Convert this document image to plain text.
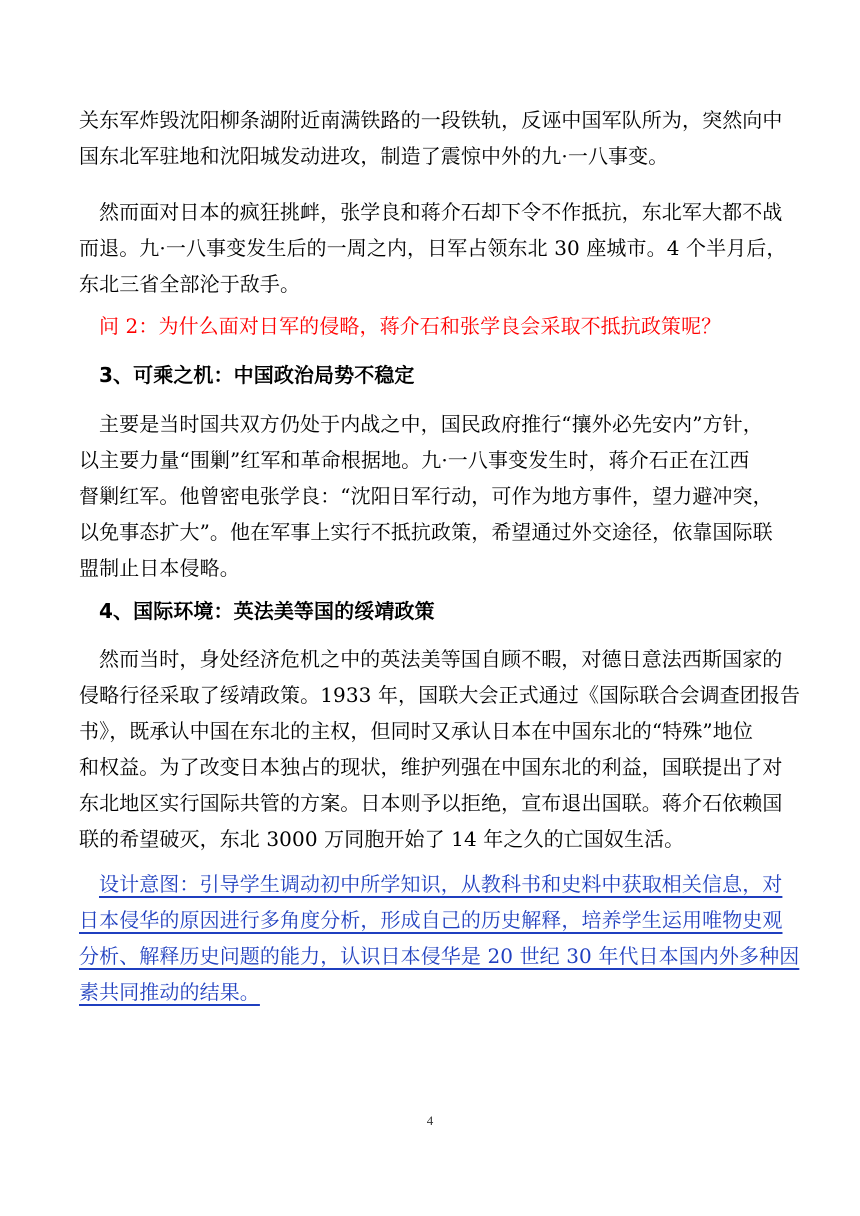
关东军炸毁沈阳柳条湖附近南满铁路的一段铁轨，反诬中国军队所为，突然向中
国东北军驻地和沈阳城发动进攻，制造了震惊中外的九·一八事变。
然而面对日本的疯狂挑衅，张学良和蒋介石却下令不作抵抗，东北军大都不战
而退。九·一八事变发生后的一周之内，日军占领东北 30 座城市。4 个半月后，
东北三省全部沦于敌手。
问 2：为什么面对日军的侵略，蒋介石和张学良会采取不抵抗政策呢？
3、可乘之机：中国政治局势不稳定
主要是当时国共双方仍处于内战之中，国民政府推行“攘外必先安内”方针，
以主要力量“围剿”红军和革命根据地。九·一八事变发生时，蒋介石正在江西
督剿红军。他曾密电张学良：“沈阳日军行动，可作为地方事件，望力避冲突，
以免事态扩大”。他在军事上实行不抵抗政策，希望通过外交途径，依靠国际联
盟制止日本侵略。
4、国际环境：英法美等国的绥靖政策
然而当时，身处经济危机之中的英法美等国自顾不暇，对德日意法西斯国家的
侵略行径采取了绥靖政策。1933 年，国联大会正式通过《国际联合会调查团报告
书》，既承认中国在东北的主权，但同时又承认日本在中国东北的“特殊”地位
和权益。为了改变日本独占的现状，维护列强在中国东北的利益，国联提出了对
东北地区实行国际共管的方案。日本则予以拒绝，宣布退出国联。蒋介石依赖国
联的希望破灭，东北 3000 万同胞开始了 14 年之久的亡国奴生活。
设计意图：引导学生调动初中所学知识，从教科书和史料中获取相关信息，对
日本侵华的原因进行多角度分析，形成自己的历史解释，培养学生运用唯物史观
分析、解释历史问题的能力，认识日本侵华是 20 世纪 30 年代日本国内外多种因
素共同推动的结果。
4
